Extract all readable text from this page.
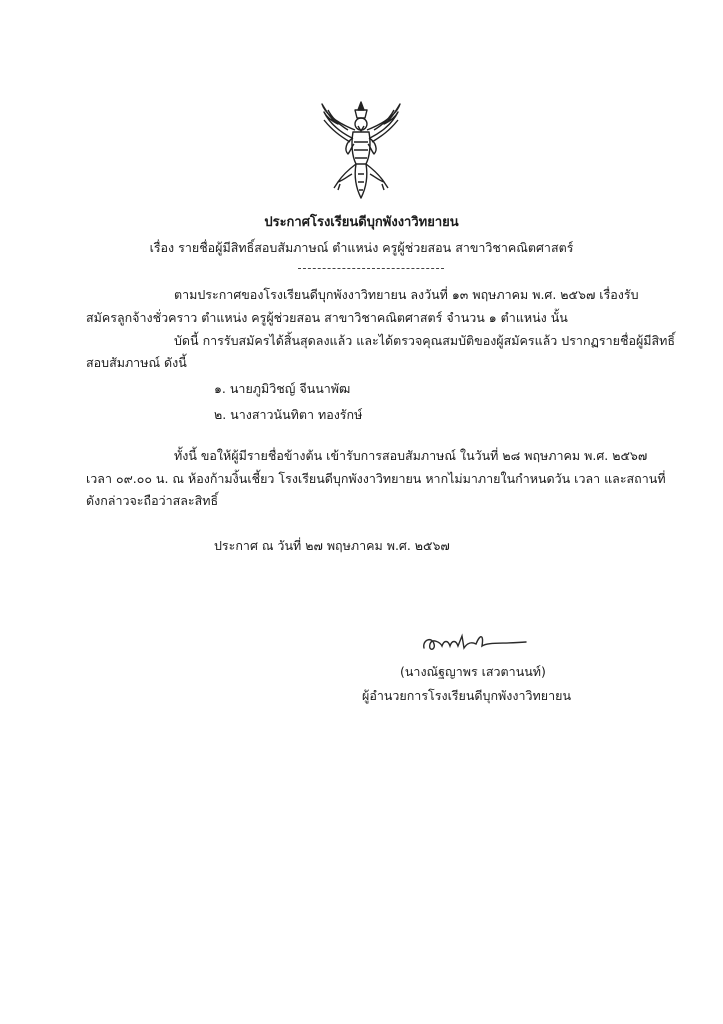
ประกาศโรงเรียนดีบุกพังงาวิทยายน
เรื่อง รายชื่อผู้มีสิทธิ์สอบสัมภาษณ์ ตำแหน่ง ครูผู้ช่วยสอน สาขาวิชาคณิตศาสตร์
ตามประกาศของโรงเรียนดีบุกพังงาวิทยายน ลงวันที่ ๑๓ พฤษภาคม พ.ศ. ๒๕๖๗ เรื่องรับ
สมัครลูกจ้างชั่วคราว ตำแหน่ง ครูผู้ช่วยสอน สาขาวิชาคณิตศาสตร์ จำนวน ๑ ตำแหน่ง นั้น
บัดนี้ การรับสมัครได้สิ้นสุดลงแล้ว และได้ตรวจคุณสมบัติของผู้สมัครแล้ว ปรากฏรายชื่อผู้มีสิทธิ์
สอบสัมภาษณ์ ดังนี้
๑. นายภูมิวิชญ์ จีนนาพัฒ
๒. นางสาวนันทิตา ทองรักษ์
ทั้งนี้ ขอให้ผู้มีรายชื่อข้างต้น เข้ารับการสอบสัมภาษณ์ ในวันที่ ๒๘ พฤษภาคม พ.ศ. ๒๕๖๗
เวลา ๐๙.๐๐ น. ณ ห้องก้ามงิ้นเชี้ยว โรงเรียนดีบุกพังงาวิทยายน หากไม่มาภายในกำหนดวัน เวลา และสถานที่
ดังกล่าวจะถือว่าสละสิทธิ์
ประกาศ ณ วันที่ ๒๗ พฤษภาคม พ.ศ. ๒๕๖๗
(นางณัฐญาพร เสวตานนท์)
ผู้อำนวยการโรงเรียนดีบุกพังงาวิทยายน
